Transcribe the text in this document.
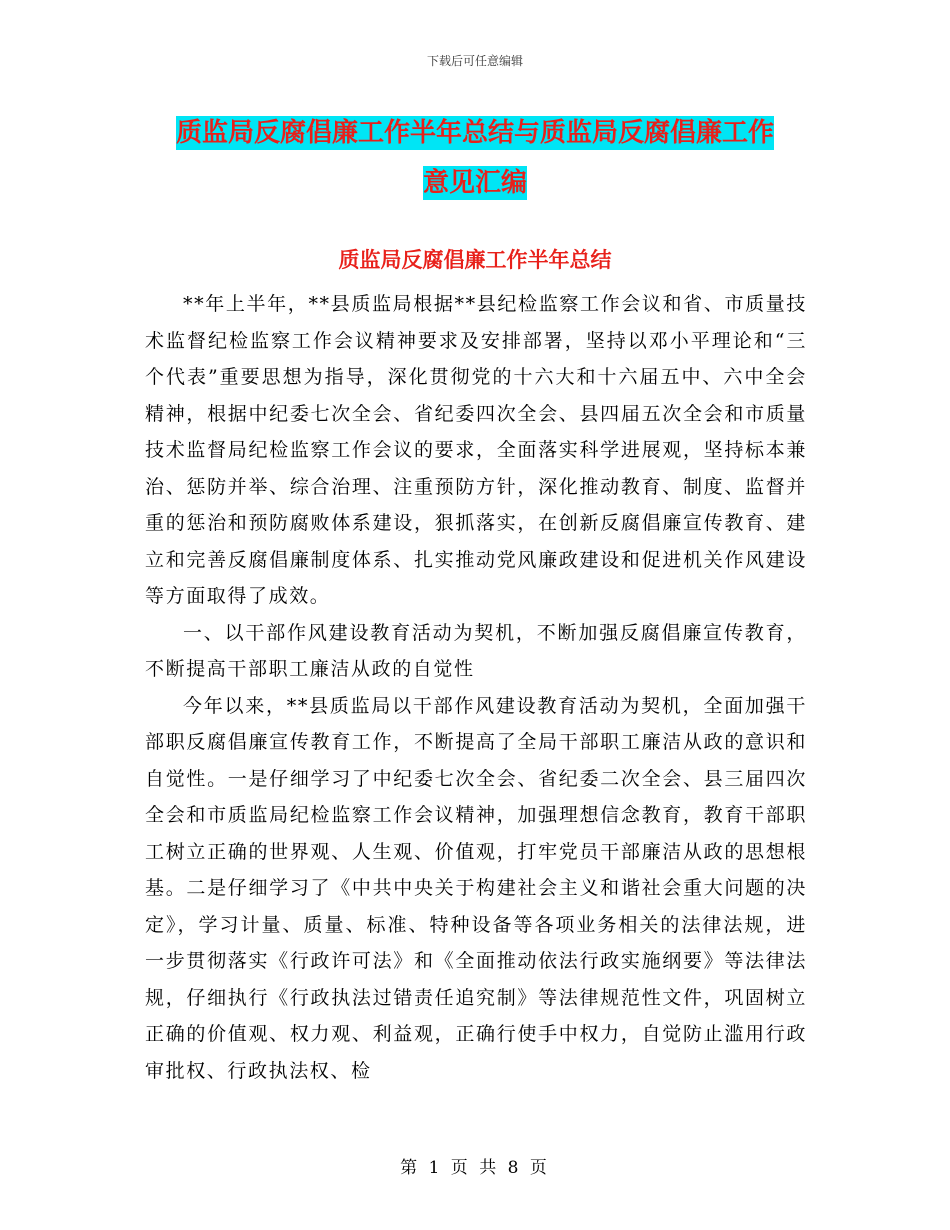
下载后可任意编辑
质监局反腐倡廉工作半年总结与质监局反腐倡廉工作
意见汇编
质监局反腐倡廉工作半年总结

**年上半年，**县质监局根据**县纪检监察工作会议和省、市质量技术监督纪检监察工作会议精神要求及安排部署，坚持以邓小平理论和“三个代表”重要思想为指导，深化贯彻党的十六大和十六届五中、六中全会精神，根据中纪委七次全会、省纪委四次全会、县四届五次全会和市质量技术监督局纪检监察工作会议的要求，全面落实科学进展观，坚持标本兼治、惩防并举、综合治理、注重预防方针，深化推动教育、制度、监督并重的惩治和预防腐败体系建设，狠抓落实，在创新反腐倡廉宣传教育、建立和完善反腐倡廉制度体系、扎实推动党风廉政建设和促进机关作风建设等方面取得了成效。

一、以干部作风建设教育活动为契机，不断加强反腐倡廉宣传教育，不断提高干部职工廉洁从政的自觉性

今年以来，**县质监局以干部作风建设教育活动为契机，全面加强干部职反腐倡廉宣传教育工作，不断提高了全局干部职工廉洁从政的意识和自觉性。一是仔细学习了中纪委七次全会、省纪委二次全会、县三届四次全会和市质监局纪检监察工作会议精神，加强理想信念教育，教育干部职工树立正确的世界观、人生观、价值观，打牢党员干部廉洁从政的思想根基。二是仔细学习了《中共中央关于构建社会主义和谐社会重大问题的决定》，学习计量、质量、标准、特种设备等各项业务相关的法律法规，进一步贯彻落实《行政许可法》和《全面推动依法行政实施纲要》等法律法规，仔细执行《行政执法过错责任追究制》等法律规范性文件，巩固树立正确的价值观、权力观、利益观，正确行使手中权力，自觉防止滥用行政审批权、行政执法权、检

第 1 页 共 8 页
